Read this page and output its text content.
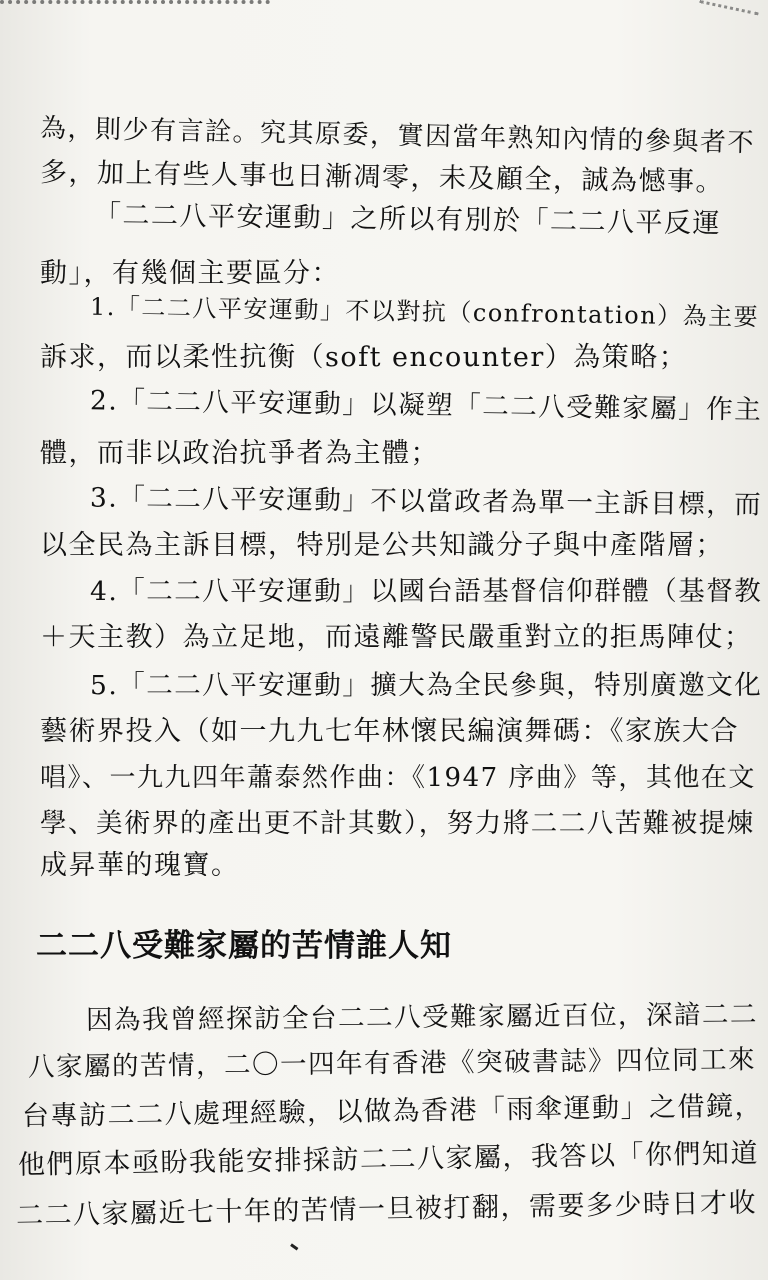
為，則少有言詮。究其原委，實因當年熟知內情的參與者不
多，加上有些人事也日漸凋零，未及顧全，誠為憾事。
「二二八平安運動」之所以有別於「二二八平反運
動」，有幾個主要區分：
1.「二二八平安運動」不以對抗（confrontation）為主要
訴求，而以柔性抗衡（soft encounter）為策略；
2.「二二八平安運動」以凝塑「二二八受難家屬」作主
體，而非以政治抗爭者為主體；
3.「二二八平安運動」不以當政者為單一主訴目標，而
以全民為主訴目標，特別是公共知識分子與中產階層；
4.「二二八平安運動」以國台語基督信仰群體（基督教
＋天主教）為立足地，而遠離警民嚴重對立的拒馬陣仗；
5.「二二八平安運動」擴大為全民參與，特別廣邀文化
藝術界投入（如一九九七年林懷民編演舞碼：《家族大合
唱》、一九九四年蕭泰然作曲：《1947 序曲》等，其他在文
學、美術界的產出更不計其數），努力將二二八苦難被提煉
成昇華的瑰寶。
二二八受難家屬的苦情誰人知
因為我曾經探訪全台二二八受難家屬近百位，深諳二二
八家屬的苦情，二〇一四年有香港《突破書誌》四位同工來
台專訪二二八處理經驗，以做為香港「雨傘運動」之借鏡，
他們原本亟盼我能安排採訪二二八家屬，我答以「你們知道
二二八家屬近七十年的苦情一旦被打翻，需要多少時日才收
